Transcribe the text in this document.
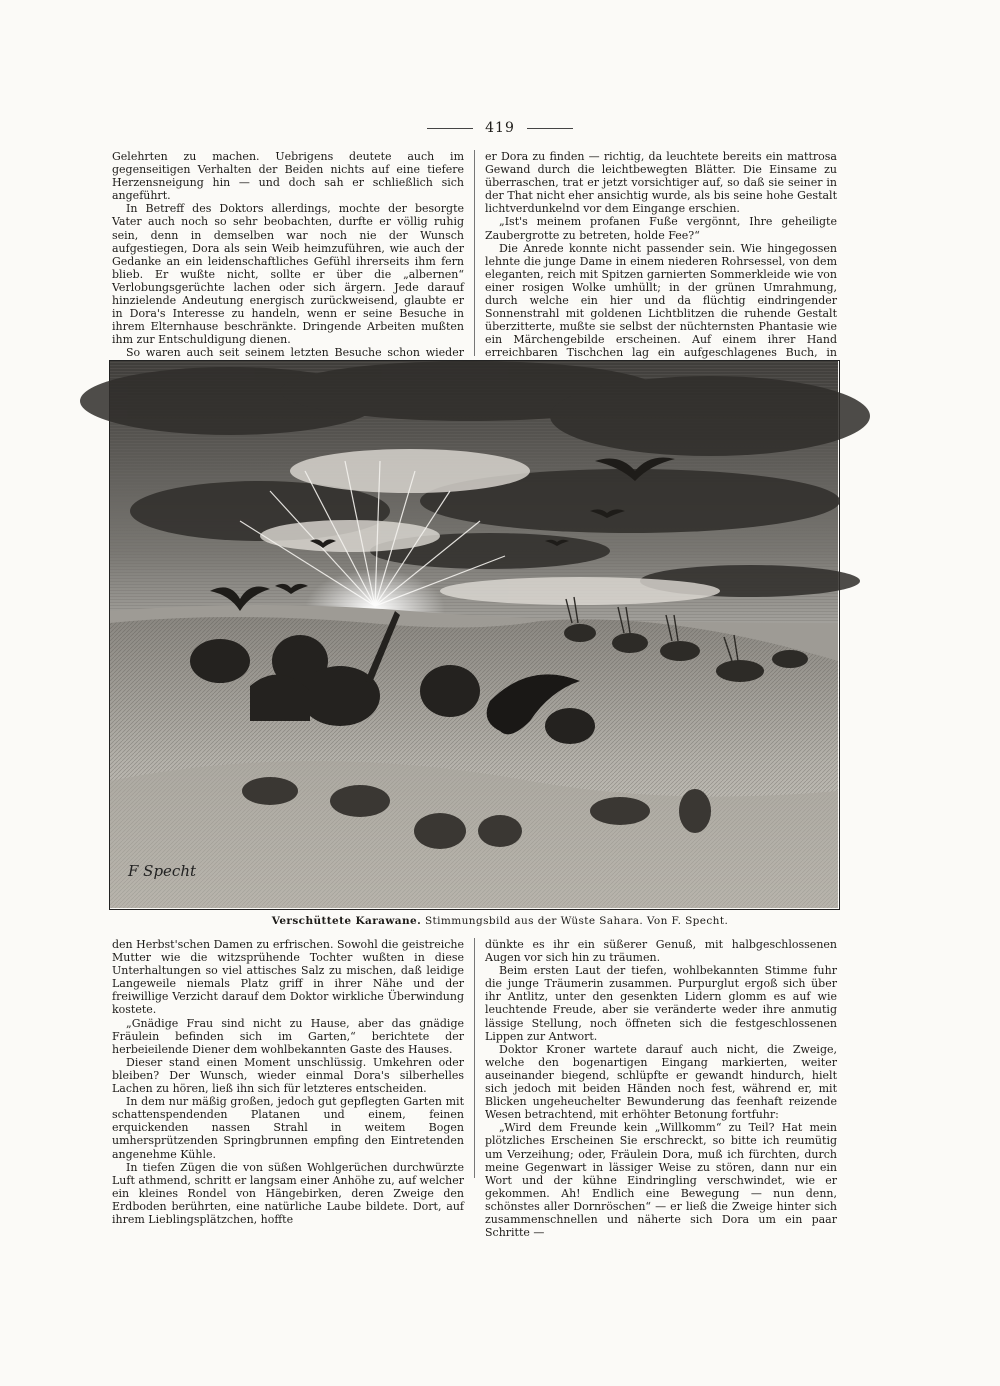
419

Gelehrten zu machen. Uebrigens deutete auch im gegenseitigen Verhalten der Beiden nichts auf eine tiefere Herzensneigung hin — und doch sah er schließlich sich angeführt.

In Betreff des Doktors allerdings, mochte der besorgte Vater auch noch so sehr beobachten, durfte er völlig ruhig sein, denn in demselben war noch nie der Wunsch aufgestiegen, Dora als sein Weib heimzuführen, wie auch der Gedanke an ein leidenschaftliches Gefühl ihrerseits ihm fern blieb. Er wußte nicht, sollte er über die „albernen“ Verlobungsgerüchte lachen oder sich ärgern. Jede darauf hinzielende Andeutung energisch zurückweisend, glaubte er in Dora's Interesse zu handeln, wenn er seine Besuche in ihrem Elternhause beschränkte. Dringende Arbeiten mußten ihm zur Entschuldigung dienen.

So waren auch seit seinem letzten Besuche schon wieder

er Dora zu finden — richtig, da leuchtete bereits ein mattrosa Gewand durch die leichtbewegten Blätter. Die Einsame zu überraschen, trat er jetzt vorsichtiger auf, so daß sie seiner in der That nicht eher ansichtig wurde, als bis seine hohe Gestalt lichtverdunkelnd vor dem Eingange erschien.

„Ist's meinem profanen Fuße vergönnt, Ihre geheiligte Zaubergrotte zu betreten, holde Fee?“

Die Anrede konnte nicht passender sein. Wie hingegossen lehnte die junge Dame in einem niederen Rohrsessel, von dem eleganten, reich mit Spitzen garnierten Sommerkleide wie von einer rosigen Wolke umhüllt; in der grünen Umrahmung, durch welche ein hier und da flüchtig eindringender Sonnenstrahl mit goldenen Lichtblitzen die ruhende Gestalt überzitterte, mußte sie selbst der nüchternsten Phantasie wie ein Märchengebilde erscheinen. Auf einem ihrer Hand erreichbaren Tischchen lag ein aufgeschlagenes Buch, in

F Specht
Verschüttete Karawane. Stimmungsbild aus der Wüste Sahara. Von F. Specht.

den Herbst'schen Damen zu erfrischen. Sowohl die geistreiche Mutter wie die witzsprühende Tochter wußten in diese Unterhaltungen so viel attisches Salz zu mischen, daß leidige Langeweile niemals Platz griff in ihrer Nähe und der freiwillige Verzicht darauf dem Doktor wirkliche Überwindung kostete.

„Gnädige Frau sind nicht zu Hause, aber das gnädige Fräulein befinden sich im Garten,“ berichtete der herbeieilende Diener dem wohlbekannten Gaste des Hauses.

Dieser stand einen Moment unschlüssig. Umkehren oder bleiben? Der Wunsch, wieder einmal Dora's silberhelles Lachen zu hören, ließ ihn sich für letzteres entscheiden.

In dem nur mäßig großen, jedoch gut gepflegten Garten mit schattenspendenden Platanen und einem, feinen erquickenden nassen Strahl in weitem Bogen umhersprützenden Springbrunnen empfing den Eintretenden angenehme Kühle.

In tiefen Zügen die von süßen Wohlgerüchen durchwürzte Luft athmend, schritt er langsam einer Anhöhe zu, auf welcher ein kleines Rondel von Hängebirken, deren Zweige den Erdboden berührten, eine natürliche Laube bildete. Dort, auf ihrem Lieblingsplätzchen, hoffte

dünkte es ihr ein süßerer Genuß, mit halbgeschlossenen Augen vor sich hin zu träumen.

Beim ersten Laut der tiefen, wohlbekannten Stimme fuhr die junge Träumerin zusammen. Purpurglut ergoß sich über ihr Antlitz, unter den gesenkten Lidern glomm es auf wie leuchtende Freude, aber sie veränderte weder ihre anmutig lässige Stellung, noch öffneten sich die festgeschlossenen Lippen zur Antwort.

Doktor Kroner wartete darauf auch nicht, die Zweige, welche den bogenartigen Eingang markierten, weiter auseinander biegend, schlüpfte er gewandt hindurch, hielt sich jedoch mit beiden Händen noch fest, während er, mit Blicken ungeheuchelter Bewunderung das feenhaft reizende Wesen betrachtend, mit erhöhter Betonung fortfuhr:

„Wird dem Freunde kein „Willkomm“ zu Teil? Hat mein plötzliches Erscheinen Sie erschreckt, so bitte ich reumütig um Verzeihung; oder, Fräulein Dora, muß ich fürchten, durch meine Gegenwart in lässiger Weise zu stören, dann nur ein Wort und der kühne Eindringling verschwindet, wie er gekommen. Ah! Endlich eine Bewegung — nun denn, schönstes aller Dornröschen“ — er ließ die Zweige hinter sich zusammenschnellen und näherte sich Dora um ein paar Schritte —
